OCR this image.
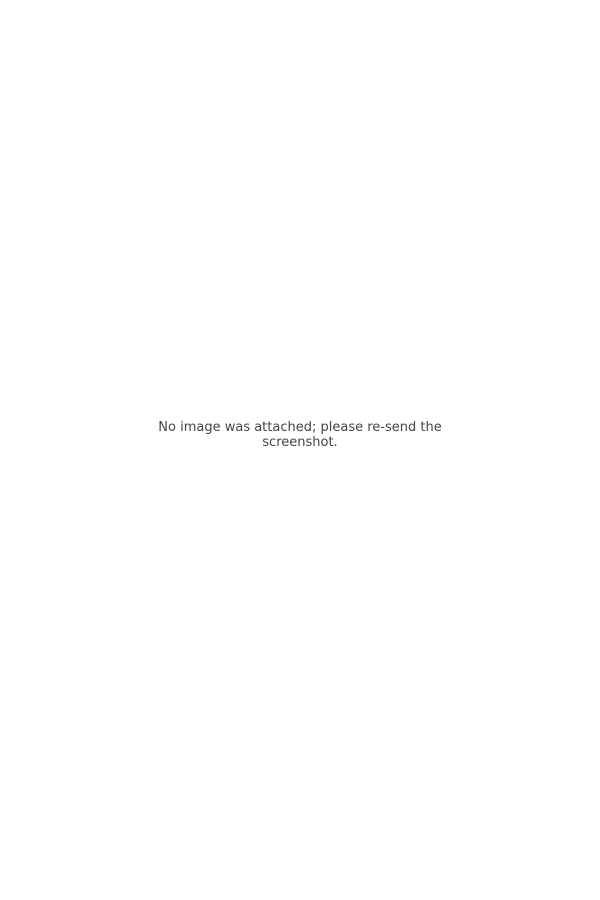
No image was attached; please re-send the screenshot.
